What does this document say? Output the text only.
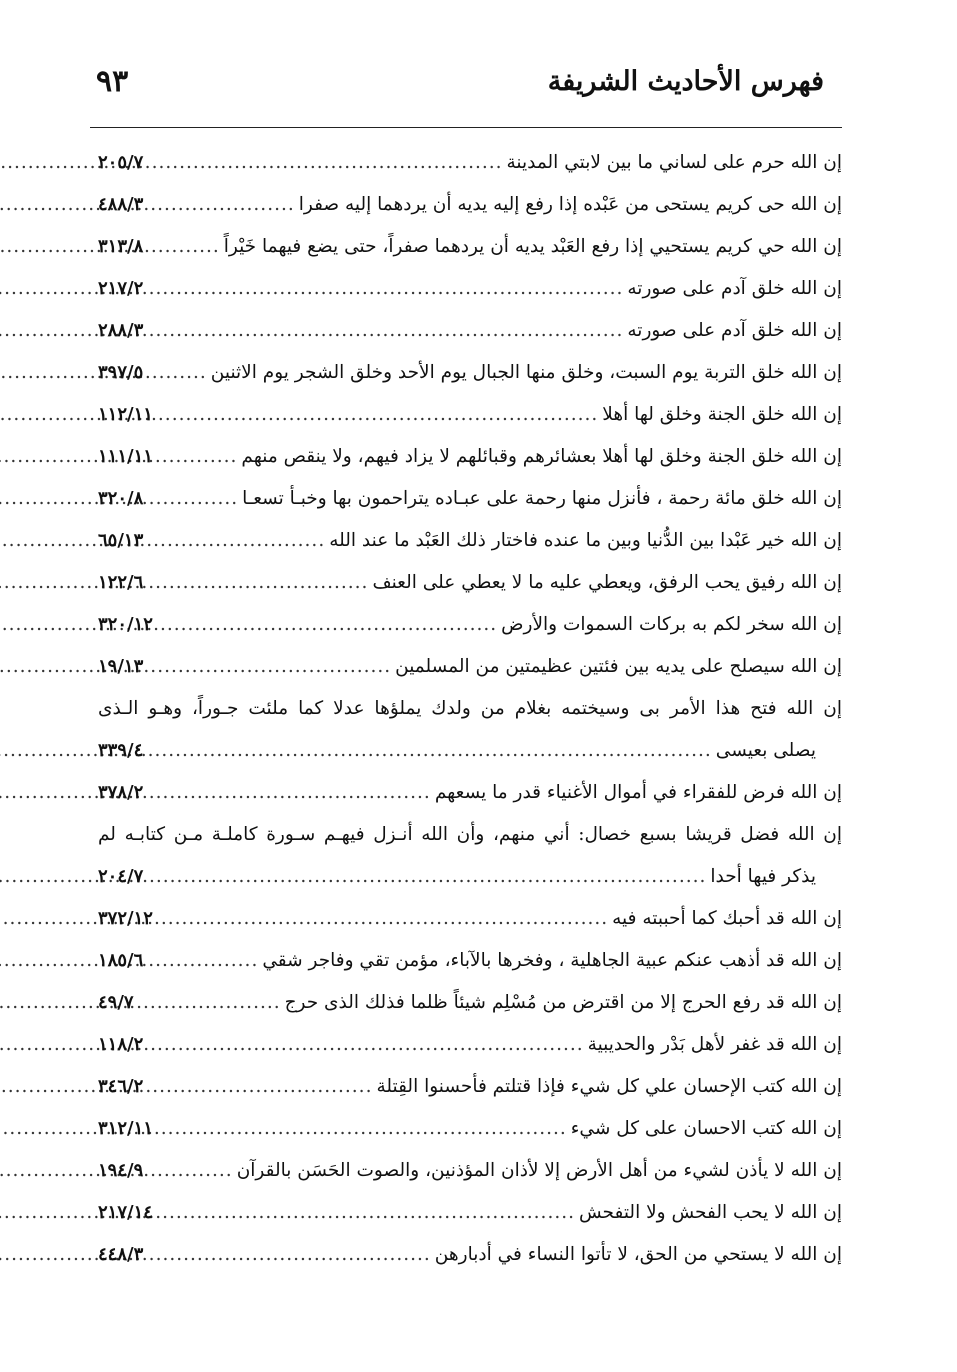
فهرس الأحاديث الشريفة
٩٣
إن الله حرم على لساني ما بين لابتي المدينة
.....
٢٠٥/٧
إن الله حى كريم يستحى من عَبْده إذا رفع إليه يديه أن يردهما إليه صفرا
.....
٤٨٨/٣
إن الله حي كريم يستحيي إذا رفع العَبْد يديه أن يردهما صفراً، حتى يضع فيهما خَيْراً
.....
٣١٣/٨
إن الله خلق آدم على صورته
.....
٢١٧/٢
إن الله خلق آدم على صورته
.....
٢٨٨/٣
إن الله خلق التربة يوم السبت، وخلق منها الجبال يوم الأحد وخلق الشجر يوم الاثنين
.....
٣٩٧/٥
إن الله خلق الجنة وخلق لها أهلا
.....
١١٢/١١
إن الله خلق الجنة وخلق لها أهلا بعشائرهم وقبائلهم لا يزاد فيهم، ولا ينقص منهم
.....
١١١/١١
إن الله خلق مائة رحمة ، فأنزل منها رحمة على عبـاده يتراحمون بها وخبـأ تسعـا
.....
٣٢٠/٨
إن الله خير عَبْدا بين الدُّنيا وبين ما عنده فاختار ذلك العَبْد ما عند الله
.....
٦٥/١٣
إن الله رفيق يحب الرفق، ويعطي عليه ما لا يعطي على العنف
.....
١٢٢/٦
إن الله سخر لكم به بركات السموات والأرض
.....
٣٢٠/١٢
إن الله سيصلح على يديه بين فئتين عظيمتين من المسلمين
.....
١٩/١٣
إن الله فتح هذا الأمر بى وسيختمه بغلام من ولدك يملؤها عدلا كما ملئت جـوراً، وهـو الـذى
يصلى بعيسى
.....
٣٣٩/٤
إن الله فرض للفقراء في أموال الأغنياء قدر ما يسعهم
.....
٣٧٨/٢
إن الله فضل قريشا بسبع خصال: أني منهم، وأن الله أنـزل فيهـم سـورة كاملـة مـن كتابـه لم
يذكر فيها أحدا
.....
٢٠٤/٧
إن الله قد أحبك كما أحببته فيه
.....
٣٧٢/١٢
إن الله قد أذهب عنكم عبية الجاهلية ، وفخرها بالآباء، مؤمن تقي وفاجر شقي
.....
١٨٥/٦
إن الله قد رفع الحرج إلا من اقترض من مُسْلِم شيئاً ظلما فذلك الذى حرج
.....
٤٩/٧
إن الله قد غفر لأهل بَدْر والحديبية
.....
١١٨/٢
إن الله كتب الإحسان علي كل شيء فإذا قتلتم فأحسنوا القِتلة
.....
٣٤٦/٢
إن الله كتب الاحسان على كل شيء
.....
٣١٢/١١
إن الله لا يأذن لشيء من أهل الأرض إلا لأذان المؤذنين، والصوت الحَسَن بالقرآن
.....
١٩٤/٩
إن الله لا يحب الفحش ولا التفحش
.....
٢١٧/١٤
إن الله لا يستحي من الحق، لا تأتوا النساء في أدبارهن
.....
٤٤٨/٣
